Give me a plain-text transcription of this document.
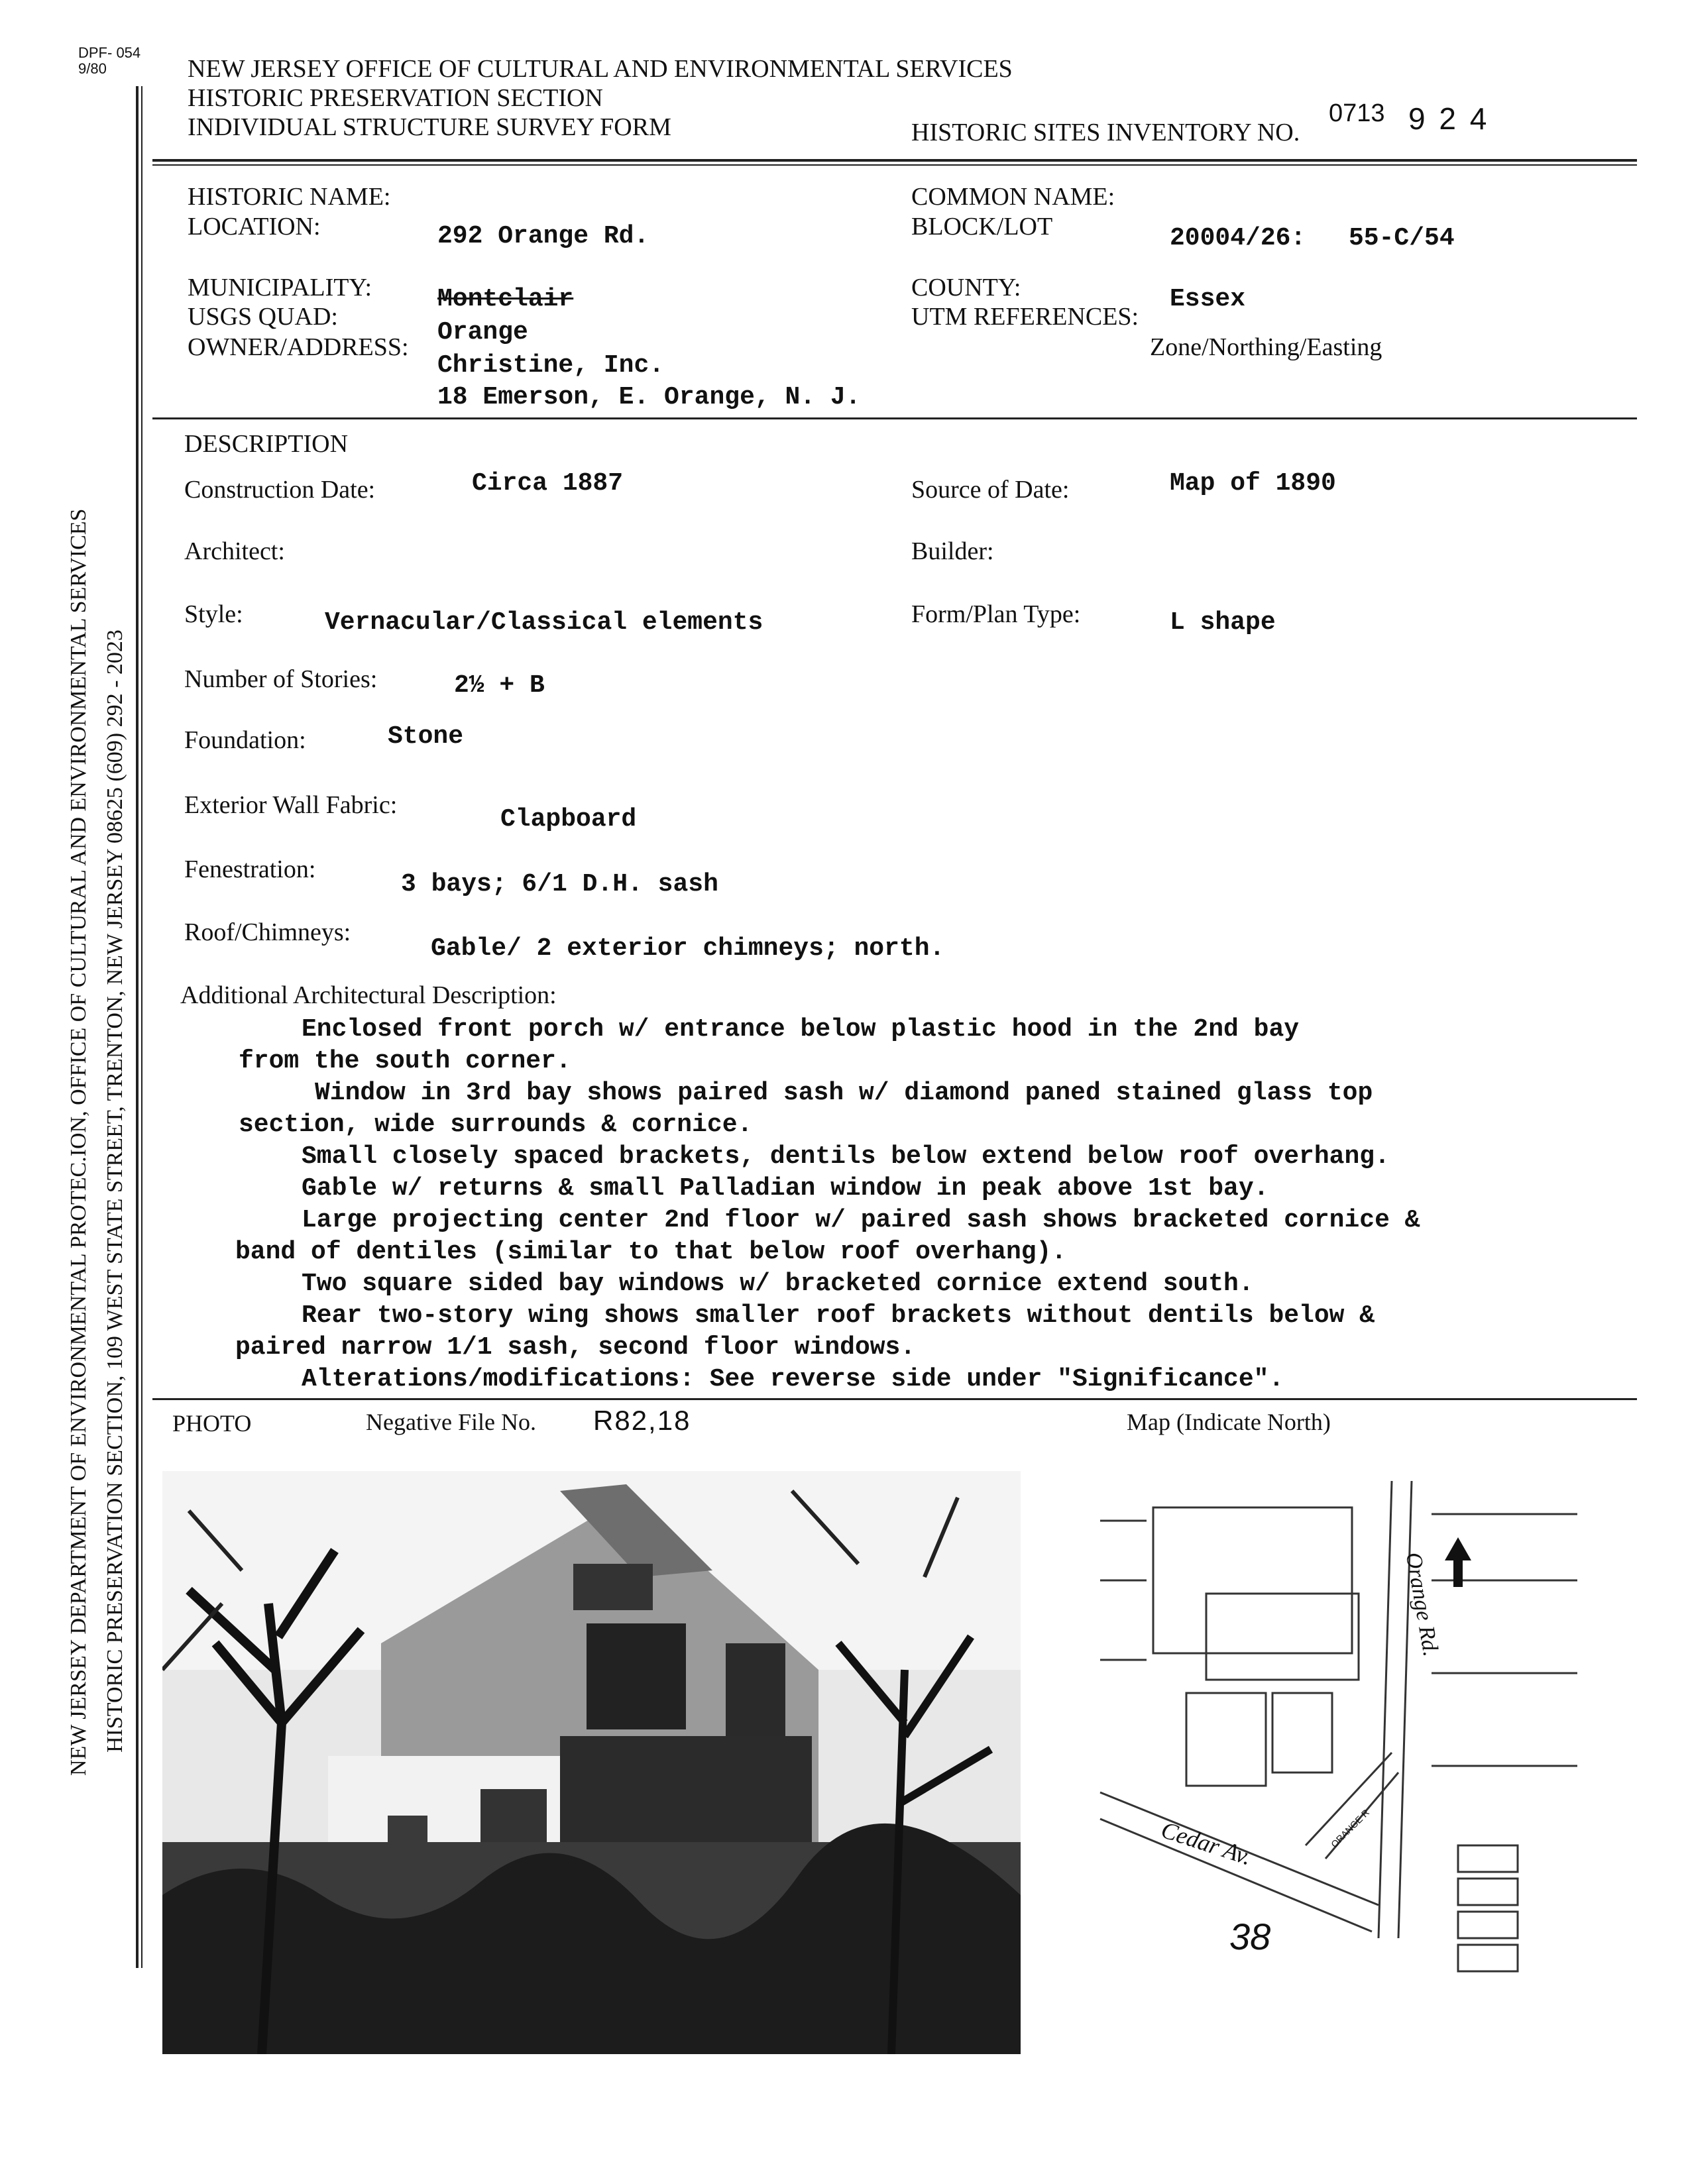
DPF- 054
9/80	NEW JERSEY OFFICE OF CULTURAL AND ENVIRONMENTAL SERVICES
HISTORIC PRESERVATION SECTION
INDIVIDUAL STRUCTURE SURVEY FORM	HISTORIC SITES INVENTORY NO.
0713 9 2 4
NEW JERSEY DEPARTMENT OF ENVIRONMENTAL PROTEC.ION, OFFICE OF CULTURAL AND ENVIRONMENTAL SERVICES HISTORIC PRESERVATION SECTION, 109 WEST STATE STREET, TRENTON, NEW JERSEY 08625 (609) 292 - 2023
HISTORIC NAME:
LOCATION:	292 Orange Rd.
COMMON NAME:
BLOCK/LOT	20004/26: 55-C/54
MUNICIPALITY:	Montclair
USGS QUAD:
Orange
OWNER/ADDRESS:
Christine, Inc.
18 Emerson, E. Orange, N. J.
COUNTY:	Essex
UTM REFERENCES:
Zone/Northing/Easting
DESCRIPTION
Construction Date:	Circa 1887	Source of Date:	Map of 1890
Architect:	Builder:
Style:	Vernacular/Classical elements	Form/Plan Type:	L shape
Number of Stories:	2½ + B
Foundation:	Stone
Exterior Wall Fabric:	Clapboard
Fenestration:
3 bays; 6/1 D.H. sash
Roof/Chimneys:
Gable/ 2 exterior chimneys; north.
Additional Architectural Description:
Enclosed front porch w/ entrance below plastic hood in the 2nd bay
from the south corner.
Window in 3rd bay shows paired sash w/ diamond paned stained glass top
section, wide surrounds & cornice.
Small closely spaced brackets, dentils below extend below roof overhang.
Gable w/ returns & small Palladian window in peak above 1st bay.
Large projecting center 2nd floor w/ paired sash shows bracketed cornice &
band of dentiles (similar to that below roof overhang).
Two square sided bay windows w/ bracketed cornice extend south.
Rear two-story wing shows smaller roof brackets without dentils below &
paired narrow 1/1 sash, second floor windows.
Alterations/modifications: See reverse side under "Significance".
PHOTO	Negative File No. R82,18	Map (Indicate North)
Orange Rd.
Cedar Av.	ORANGE R
38
